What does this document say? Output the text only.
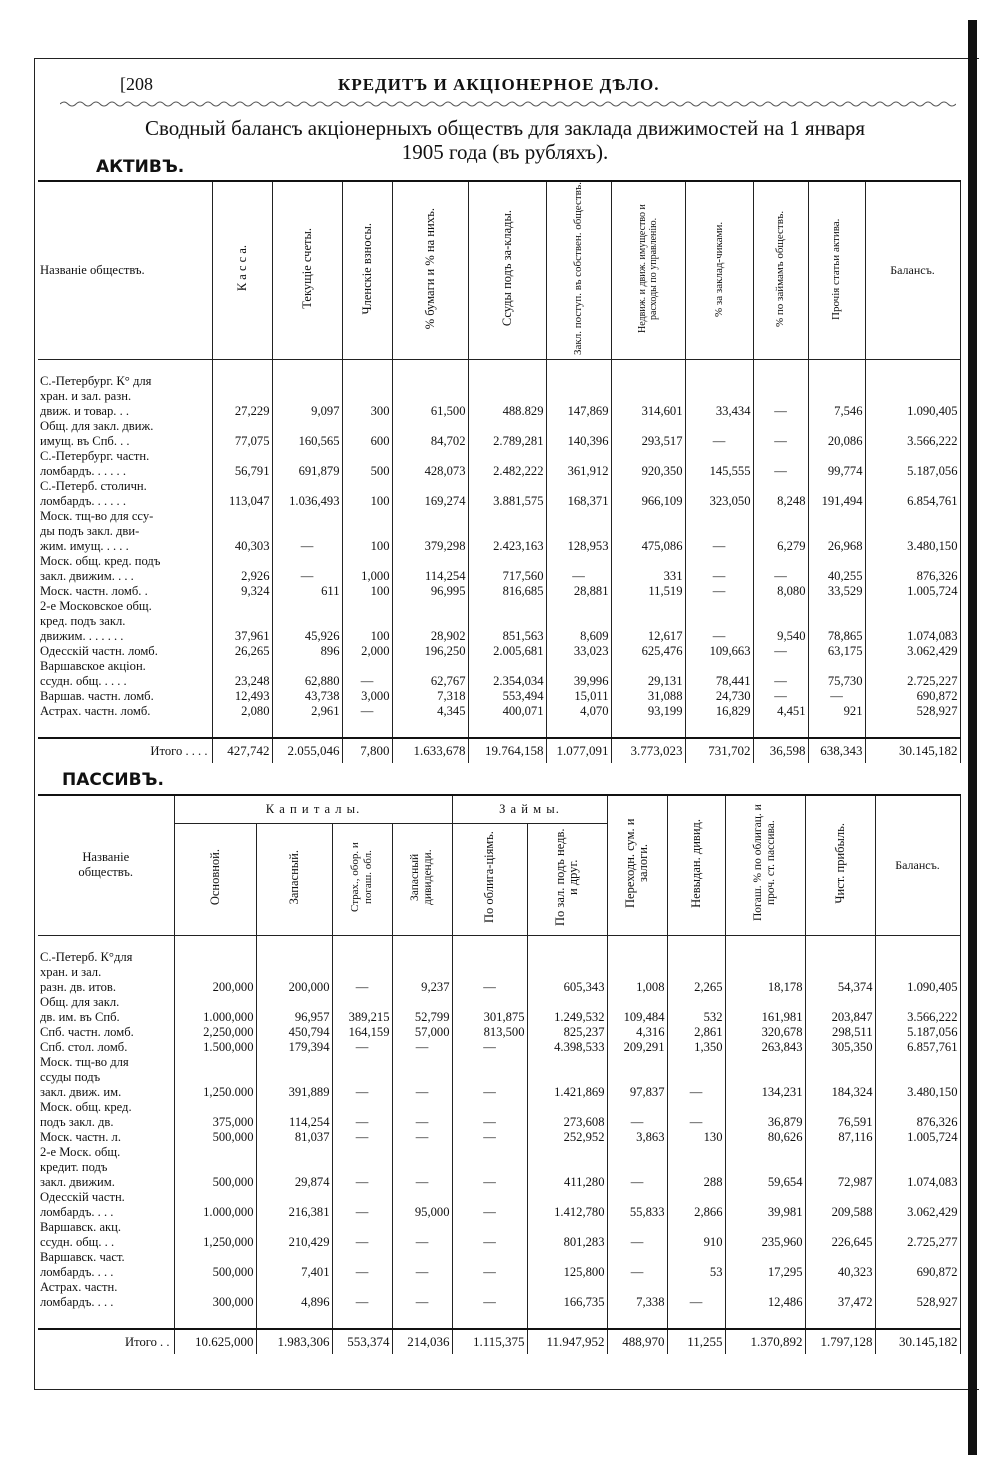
[208	КРЕДИТЪ И АКЦІОНЕРНОЕ ДѢЛО.
Сводный балансъ акціонерныхъ обществъ для заклада движимостей на 1 января
1905 года (въ рубляхъ).
АКТИВЪ.
Названіе обществъ.	К а с с а.	Текущіе счеты.	Членскіе взносы.	% бумаги и % на нихъ.	Ссуды подъ за-клады.	Закл. поступ. въ собствен. обществъ.	Недвиж. и движ. имущество и расходы по управленію.	% за заклад-чиками.	% по займамъ обществъ.	Прочія статьи актива.	Балансъ.

С.-Петербург. К° для											
хран. и зал. разн.											
движ. и товар. . .	27,229	9,097	300	61,500	488.829	147,869	314,601	33,434	—	7,546	1.090,405
Общ. для закл. движ.											
имущ. въ Спб. . .	77,075	160,565	600	84,702	2.789,281	140,396	293,517	—	—	20,086	3.566,222
С.-Петербург. частн.											
ломбардъ. . . . . .	56,791	691,879	500	428,073	2.482,222	361,912	920,350	145,555	—	99,774	5.187,056
С.-Петерб. столичн.											
ломбардъ. . . . . .	113,047	1.036,493	100	169,274	3.881,575	168,371	966,109	323,050	8,248	191,494	6.854,761
Моск. тщ-во для ссу-											
ды подъ закл. дви-											
жим. имущ. . . . .	40,303	—	100	379,298	2.423,163	128,953	475,086	—	6,279	26,968	3.480,150
Моск. общ. кред. подъ											
закл. движим. . . .	2,926	—	1,000	114,254	717,560	—	331	—	—	40,255	876,326
Моск. частн. ломб. .	9,324	611	100	96,995	816,685	28,881	11,519	—	8,080	33,529	1.005,724
2-е Московское общ.											
кред. подъ закл.											
движим. . . . . . .	37,961	45,926	100	28,902	851,563	8,609	12,617	—	9,540	78,865	1.074,083
Одесскій частн. ломб.	26,265	896	2,000	196,250	2.005,681	33,023	625,476	109,663	—	63,175	3.062,429
Варшавское акціон.											
ссудн. общ. . . . .	23,248	62,880	—	62,767	2.354,034	39,996	29,131	78,441	—	75,730	2.725,227
Варшав. частн. ломб.	12,493	43,738	3,000	7,318	553,494	15,011	31,088	24,730	—	—	690,872
Астрах. частн. ломб.	2,080	2,961	—	4,345	400,071	4,070	93,199	16,829	4,451	921	528,927

Итого . . . .	427,742	2.055,046	7,800	1.633,678	19.764,158	1.077,091	3.773,023	731,702	36,598	638,343	30.145,182
ПАССИВЪ.
Названіе
обществъ.	К а п и т а л ы.				З а й м ы.		Переходн. сум. и залоги.	Невыдан. дивид.	Погаш. % по облигац. и проч. ст. пассива.	Чист. прибыль.	Балансъ.
	Основной.	Запасный.	Страх., обор. и погаш. обл.	Запасный дивиденди.	По облига-ціямъ.	По зал. подъ недв. и друг.					

С.-Петерб. К°для											
хран. и зал.											
разн. дв. итов.	200,000	200,000	—	9,237	—	605,343	1,008	2,265	18,178	54,374	1.090,405
Общ. для закл.											
дв. им. въ Спб.	1.000,000	96,957	389,215	52,799	301,875	1.249,532	109,484	532	161,981	203,847	3.566,222
Спб. частн. ломб.	2,250,000	450,794	164,159	57,000	813,500	825,237	4,316	2,861	320,678	298,511	5.187,056
Спб. стол. ломб.	1.500,000	179,394	—	—	—	4.398,533	209,291	1,350	263,843	305,350	6.857,761
Моск. тщ-во для											
ссуды подъ											
закл. движ. им.	1,250.000	391,889	—	—	—	1.421,869	97,837	—	134,231	184,324	3.480,150
Моск. общ. кред.											
подъ закл. дв.	375,000	114,254	—	—	—	273,608	—	—	36,879	76,591	876,326
Моск. частн. л.	500,000	81,037	—	—	—	252,952	3,863	130	80,626	87,116	1.005,724
2-е Моск. общ.											
кредит. подъ											
закл. движим.	500,000	29,874	—	—	—	411,280	—	288	59,654	72,987	1.074,083
Одесскій частн.											
ломбардъ. . . .	1.000,000	216,381	—	95,000	—	1.412,780	55,833	2,866	39,981	209,588	3.062,429
Варшавск. акц.											
ссудн. общ. . .	1,250,000	210,429	—	—	—	801,283	—	910	235,960	226,645	2.725,277
Варшавск. част.											
ломбардъ. . . .	500,000	7,401	—	—	—	125,800	—	53	17,295	40,323	690,872
Астрах. частн.											
ломбардъ. . . .	300,000	4,896	—	—	—	166,735	7,338	—	12,486	37,472	528,927

Итого . .	10.625,000	1.983,306	553,374	214,036	1.115,375	11.947,952	488,970	11,255	1.370,892	1.797,128	30.145,182
